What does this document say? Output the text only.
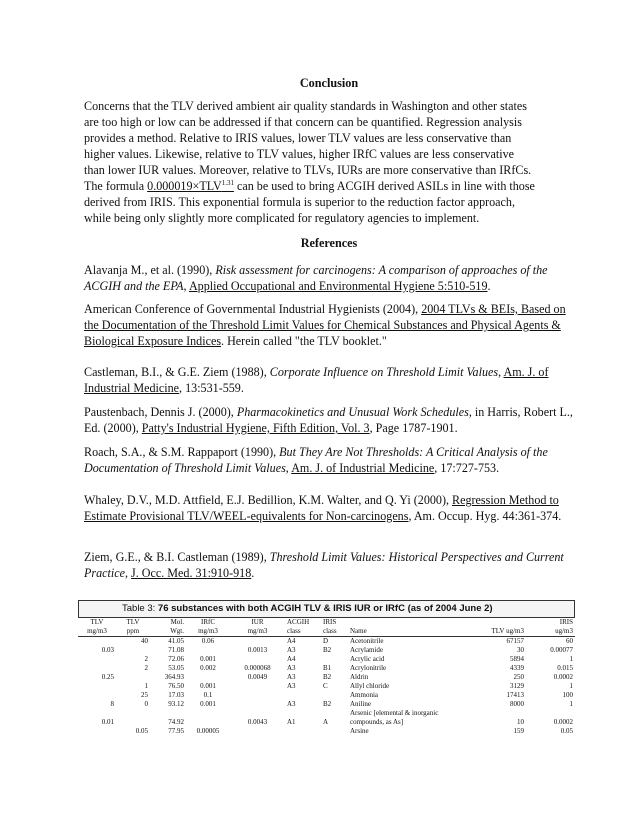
Conclusion
Concerns that the TLV derived ambient air quality standards in Washington and other states
are too high or low can be addressed if that concern can be quantified. Regression analysis
provides a method. Relative to IRIS values, lower TLV values are less conservative than
higher values. Likewise, relative to TLV values, higher IRfC values are less conservative
than lower IUR values. Moreover, relative to TLVs, IURs are more conservative than IRfCs.
The formula $0.000019\times TLV^{1.31}$ can be used to bring ACGIH derived ASILs in line with those
derived from IRIS. This exponential formula is superior to the reduction factor approach,
while being only slightly more complicated for regulatory agencies to implement.
References
Alavanja M., et al. (1990), Risk assessment for carcinogens: A comparison of approaches of the ACGIH and the EPA, Applied Occupational and Environmental Hygiene 5:510-519.
American Conference of Governmental Industrial Hygienists (2004), 2004 TLVs & BEIs, Based on the Documentation of the Threshold Limit Values for Chemical Substances and Physical Agents & Biological Exposure Indices. Herein called "the TLV booklet."
Castleman, B.I., & G.E. Ziem (1988), Corporate Influence on Threshold Limit Values, Am. J. of Industrial Medicine, 13:531-559.
Paustenbach, Dennis J. (2000), Pharmacokinetics and Unusual Work Schedules, in Harris, Robert L., Ed. (2000), Patty's Industrial Hygiene, Fifth Edition, Vol. 3, Page 1787-1901.
Roach, S.A., & S.M. Rappaport (1990), But They Are Not Thresholds: A Critical Analysis of the Documentation of Threshold Limit Values, Am. J. of Industrial Medicine, 17:727-753.
Whaley, D.V., M.D. Attfield, E.J. Bedillion, K.M. Walter, and Q. Yi (2000), Regression Method to Estimate Provisional TLV/WEEL-equivalents for Non-carcinogens, Am. Occup. Hyg. 44:361-374.
Ziem, G.E., & B.I. Castleman (1989), Threshold Limit Values: Historical Perspectives and Current Practice, J. Occ. Med. 31:910-918.
Table 3: 76 substances with both ACGIH TLV & IRIS IUR or IRfC (as of 2004 June 2)
TLV	TLV	Mol.	IRfC	IUR	ACGIH	IRIS			IRIS
mg/m3	ppm	Wgt.	mg/m3	mg/m3	class	class	Name	TLV ug/m3	ug/m3
	40	41.05	0.06		A4	D	Acetonitrile	67157	60
0.03		71.08		0.0013	A3	B2	Acrylamide	30	0.00077
	2	72.06	0.001		A4		Acrylic acid	5894	1
	2	53.05	0.002	0.000068	A3	B1	Acrylonitrile	4339	0.015
0.25		364.93		0.0049	A3	B2	Aldrin	250	0.0002
	1	76.50	0.001		A3	C	Allyl chloride	3129	1
	25	17.03	0.1				Ammonia	17413	100
8	0	93.12	0.001		A3	B2	Aniline	8000	1
							Arsenic [elemental & inorganic		
0.01		74.92		0.0043	A1	A	compounds, as As]	10	0.0002
	0.05	77.95	0.00005				Arsine	159	0.05
